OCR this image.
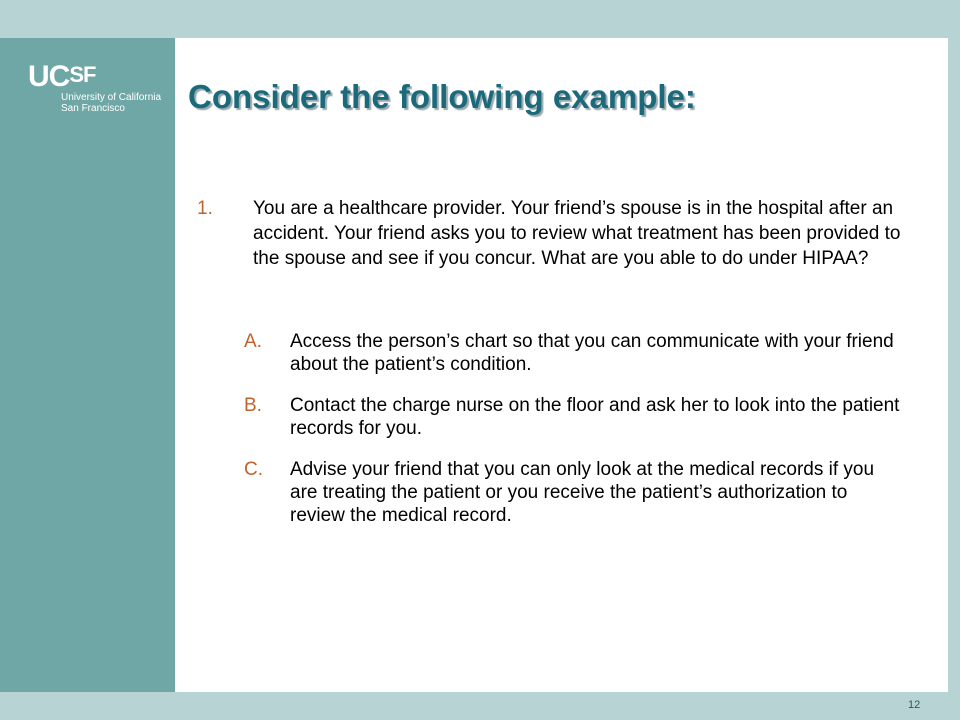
UC SF
University of California
San Francisco	Consider the following example:
1. You are a healthcare provider. Your friend’s spouse is in the hospital after an accident. Your friend asks you to review what treatment has been provided to the spouse and see if you concur. What are you able to do under HIPAA?
A. Access the person’s chart so that you can communicate with your friend about the patient’s condition.
B. Contact the charge nurse on the floor and ask her to look into the patient records for you.
C. Advise your friend that you can only look at the medical records if you are treating the patient or you receive the patient’s authorization to review the medical record.
12
